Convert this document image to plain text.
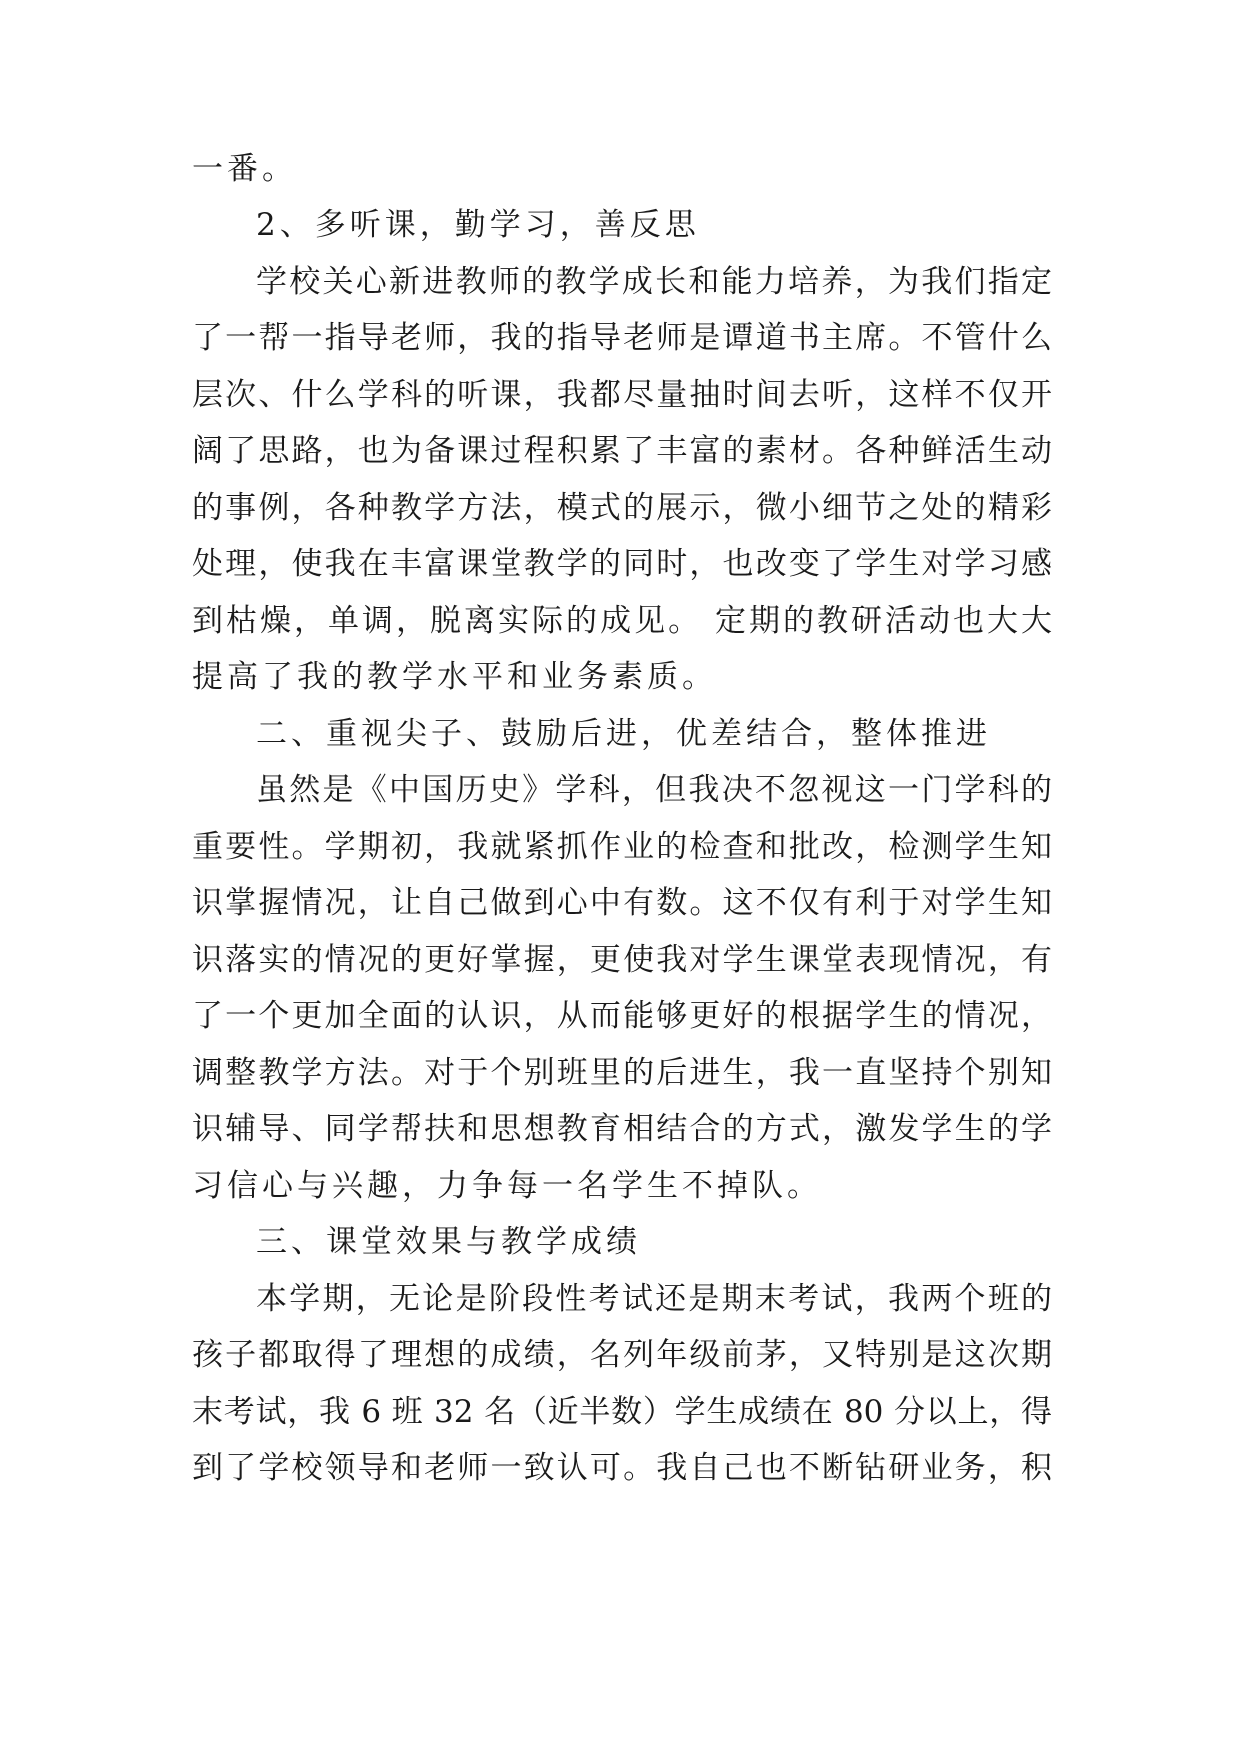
一番。
2、多听课，勤学习，善反思
学校关心新进教师的教学成长和能力培养，为我们指定
了一帮一指导老师，我的指导老师是谭道书主席。不管什么
层次、什么学科的听课，我都尽量抽时间去听，这样不仅开
阔了思路，也为备课过程积累了丰富的素材。各种鲜活生动
的事例，各种教学方法，模式的展示，微小细节之处的精彩
处理，使我在丰富课堂教学的同时，也改变了学生对学习感
到枯燥，单调，脱离实际的成见。 定期的教研活动也大大
提高了我的教学水平和业务素质。
二、重视尖子、鼓励后进，优差结合，整体推进
虽然是《中国历史》学科，但我决不忽视这一门学科的
重要性。学期初，我就紧抓作业的检查和批改，检测学生知
识掌握情况，让自己做到心中有数。这不仅有利于对学生知
识落实的情况的更好掌握，更使我对学生课堂表现情况，有
了一个更加全面的认识，从而能够更好的根据学生的情况，
调整教学方法。对于个别班里的后进生，我一直坚持个别知
识辅导、同学帮扶和思想教育相结合的方式，激发学生的学
习信心与兴趣，力争每一名学生不掉队。
三、课堂效果与教学成绩
本学期，无论是阶段性考试还是期末考试，我两个班的
孩子都取得了理想的成绩，名列年级前茅，又特别是这次期
末考试，我 6 班 32 名（近半数）学生成绩在 80 分以上，得
到了学校领导和老师一致认可。我自己也不断钻研业务，积
